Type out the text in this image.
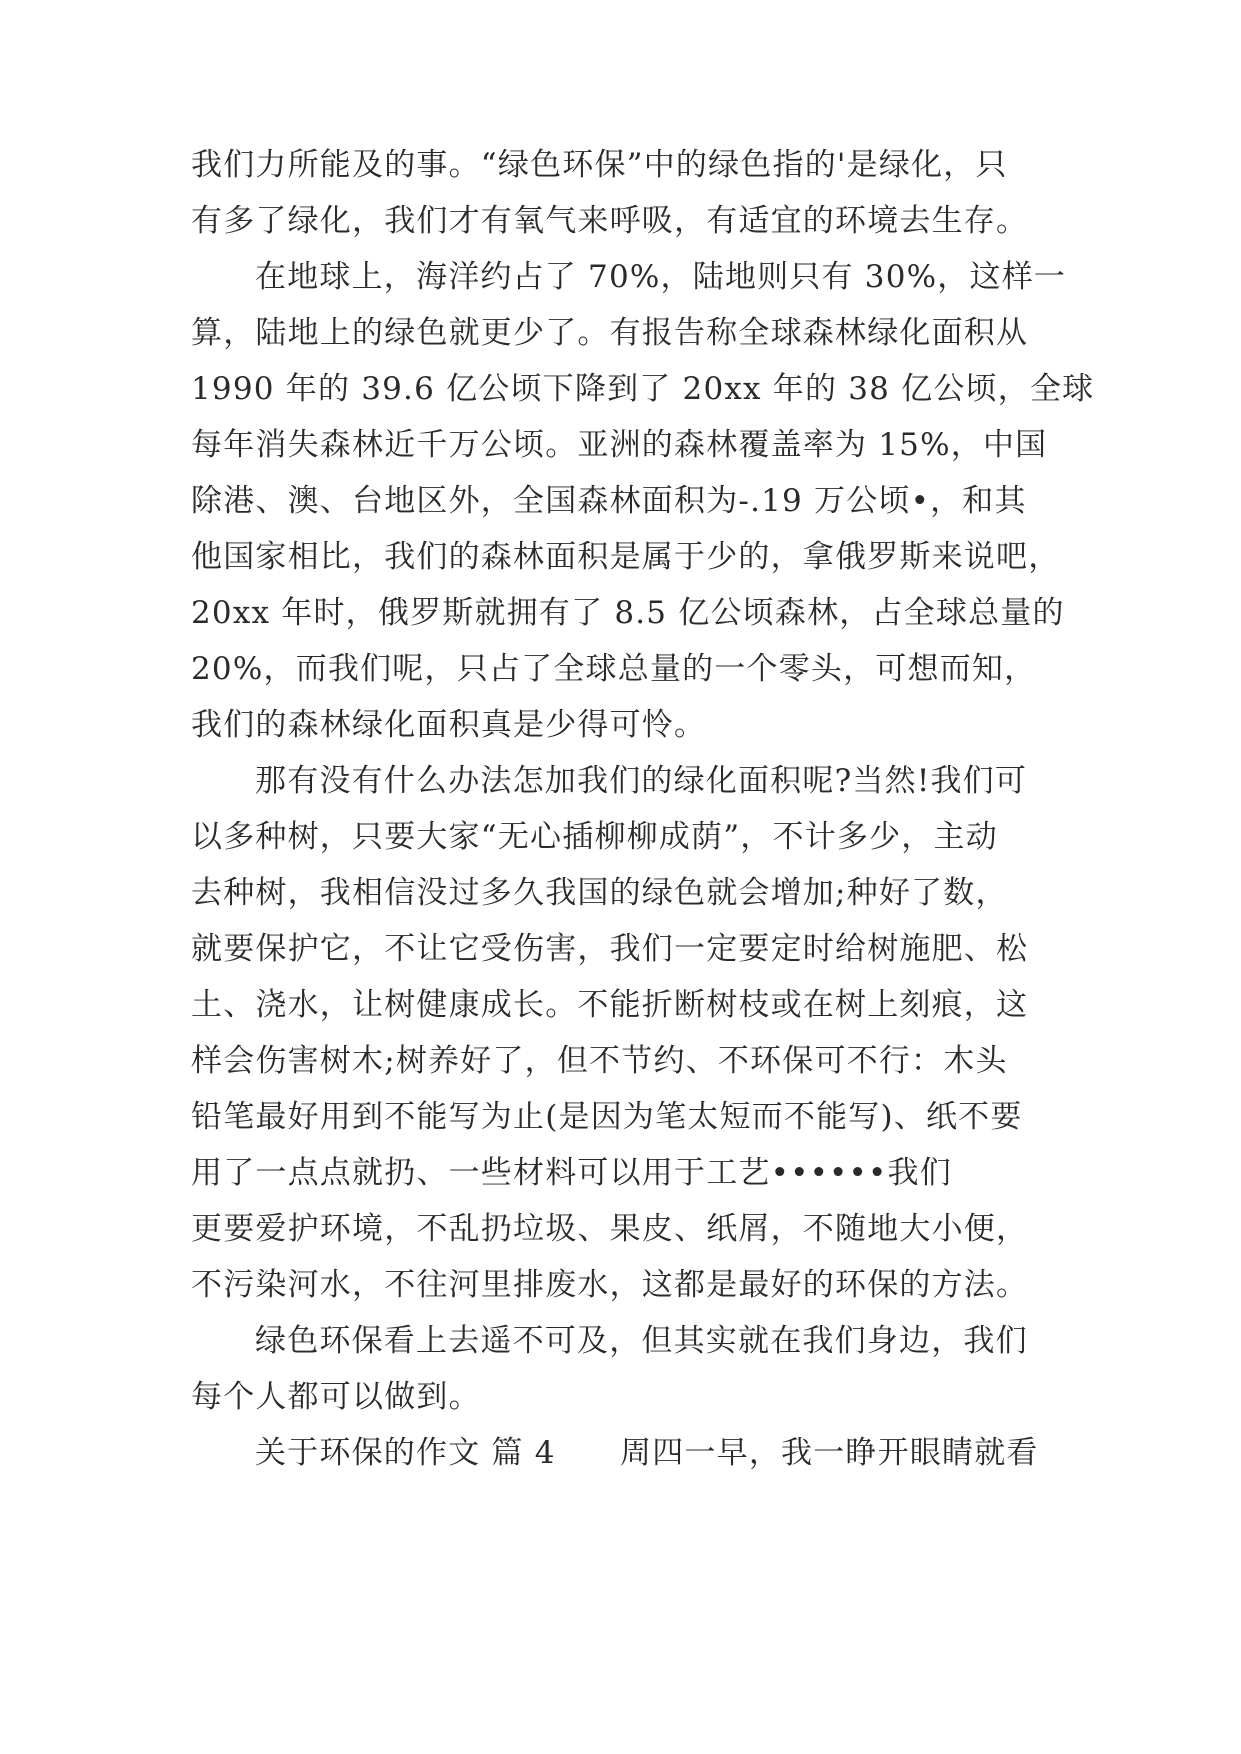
我们力所能及的事。“绿色环保”中的绿色指的'是绿化，只
有多了绿化，我们才有氧气来呼吸，有适宜的环境去生存。
在地球上，海洋约占了 70%，陆地则只有 30%，这样一
算，陆地上的绿色就更少了。有报告称全球森林绿化面积从
1990 年的 39.6 亿公顷下降到了 20xx 年的 38 亿公顷，全球
每年消失森林近千万公顷。亚洲的森林覆盖率为 15%，中国
除港、澳、台地区外，全国森林面积为-.19 万公顷•，和其
他国家相比，我们的森林面积是属于少的，拿俄罗斯来说吧，
20xx 年时，俄罗斯就拥有了 8.5 亿公顷森林，占全球总量的
20%，而我们呢，只占了全球总量的一个零头，可想而知，
我们的森林绿化面积真是少得可怜。
那有没有什么办法怎加我们的绿化面积呢?当然!我们可
以多种树，只要大家“无心插柳柳成荫”，不计多少，主动
去种树，我相信没过多久我国的绿色就会增加;种好了数，
就要保护它，不让它受伤害，我们一定要定时给树施肥、松
土、浇水，让树健康成长。不能折断树枝或在树上刻痕，这
样会伤害树木;树养好了，但不节约、不环保可不行：木头
铅笔最好用到不能写为止(是因为笔太短而不能写)、纸不要
用了一点点就扔、一些材料可以用于工艺••••••我们
更要爱护环境，不乱扔垃圾、果皮、纸屑，不随地大小便，
不污染河水，不往河里排废水，这都是最好的环保的方法。
绿色环保看上去遥不可及，但其实就在我们身边，我们
每个人都可以做到。
关于环保的作文 篇 4　　周四一早，我一睁开眼睛就看
